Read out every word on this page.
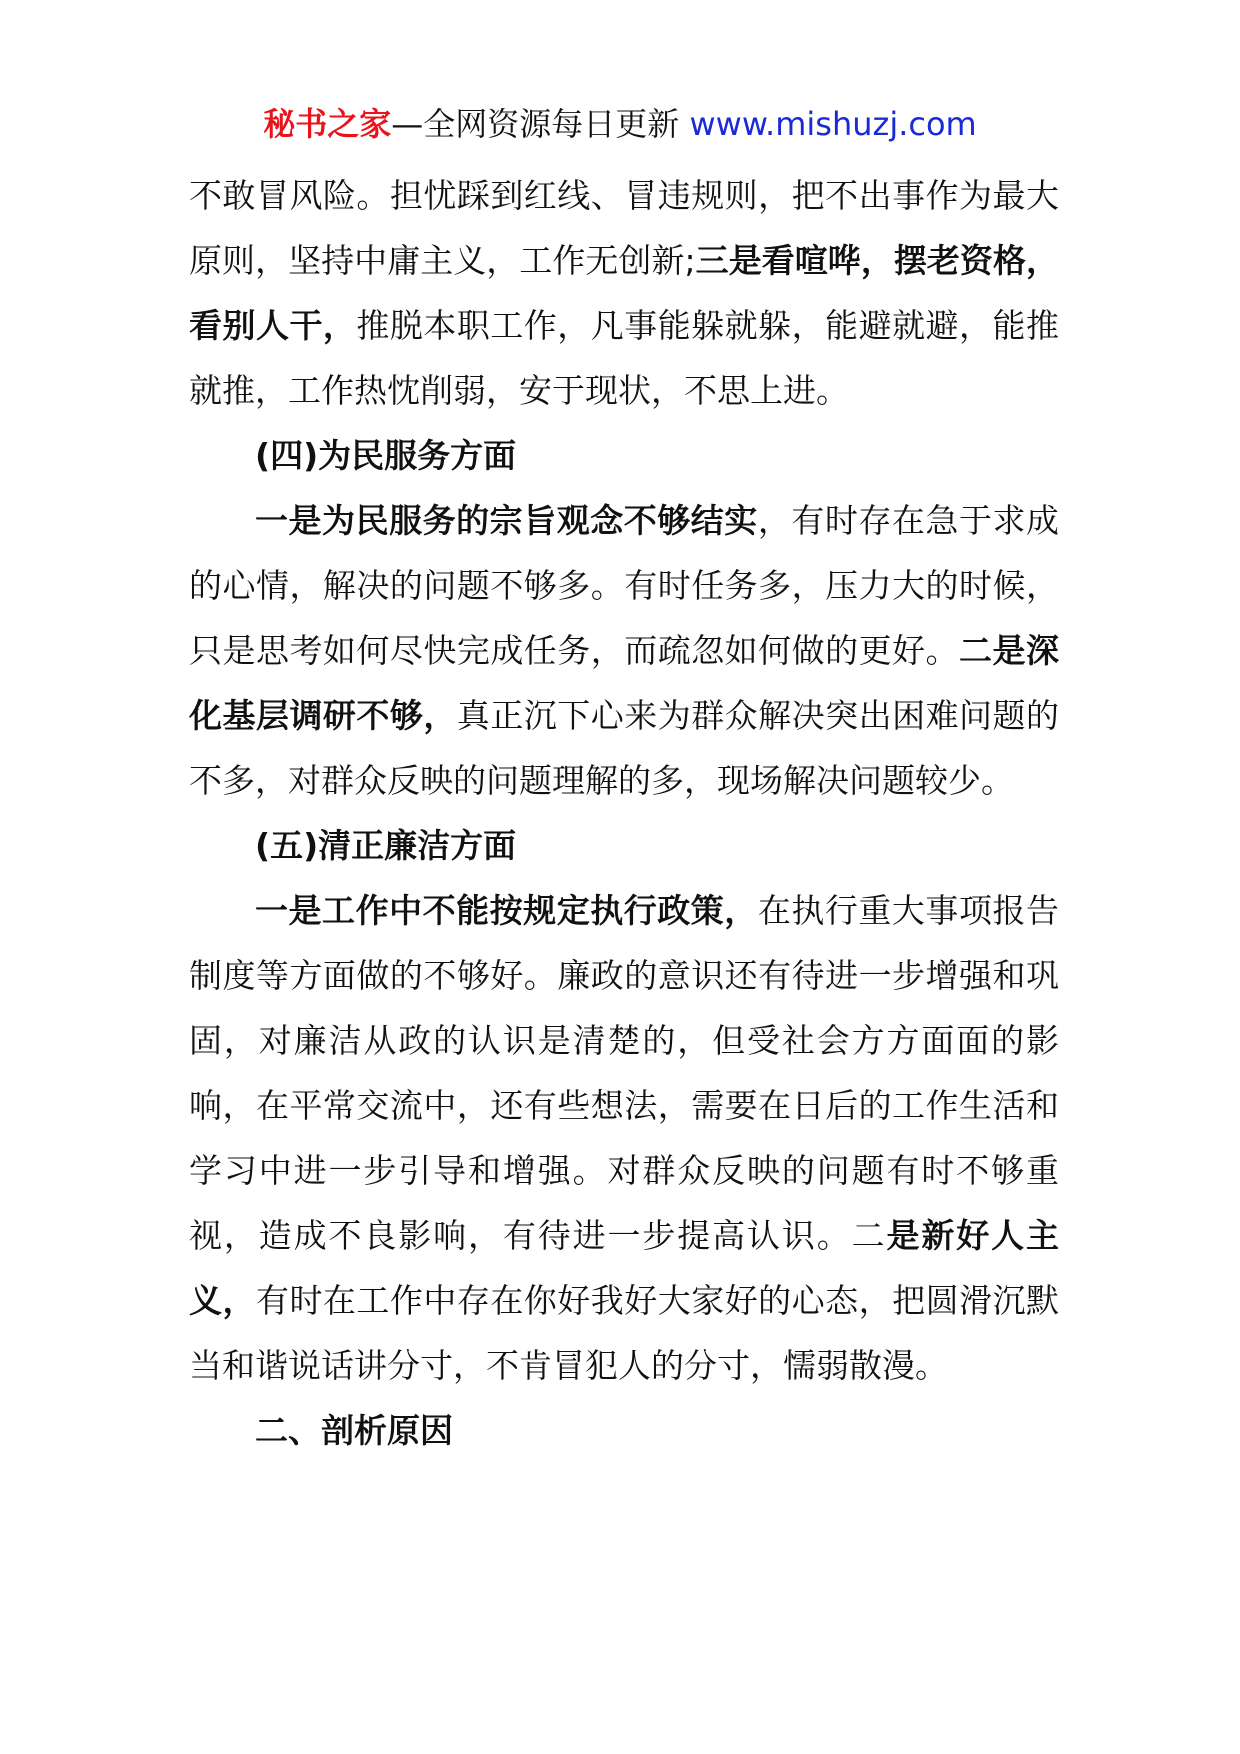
秘书之家—全网资源每日更新 www.mishuzj.com

不敢冒风险。担忧踩到红线、冒违规则，把不出事作为最大原则，坚持中庸主义，工作无创新;三是看喧哗，摆老资格，看别人干，推脱本职工作，凡事能躲就躲，能避就避，能推就推，工作热忱削弱，安于现状，不思上进。

(四)为民服务方面

一是为民服务的宗旨观念不够结实，有时存在急于求成的心情，解决的问题不够多。有时任务多，压力大的时候，只是思考如何尽快完成任务，而疏忽如何做的更好。二是深化基层调研不够，真正沉下心来为群众解决突出困难问题的不多，对群众反映的问题理解的多，现场解决问题较少。

(五)清正廉洁方面

一是工作中不能按规定执行政策，在执行重大事项报告制度等方面做的不够好。廉政的意识还有待进一步增强和巩固，对廉洁从政的认识是清楚的，但受社会方方面面的影响，在平常交流中，还有些想法，需要在日后的工作生活和学习中进一步引导和增强。对群众反映的问题有时不够重视，造成不良影响，有待进一步提高认识。二是新好人主义，有时在工作中存在你好我好大家好的心态，把圆滑沉默当和谐说话讲分寸，不肯冒犯人的分寸，懦弱散漫。

二、剖析原因
